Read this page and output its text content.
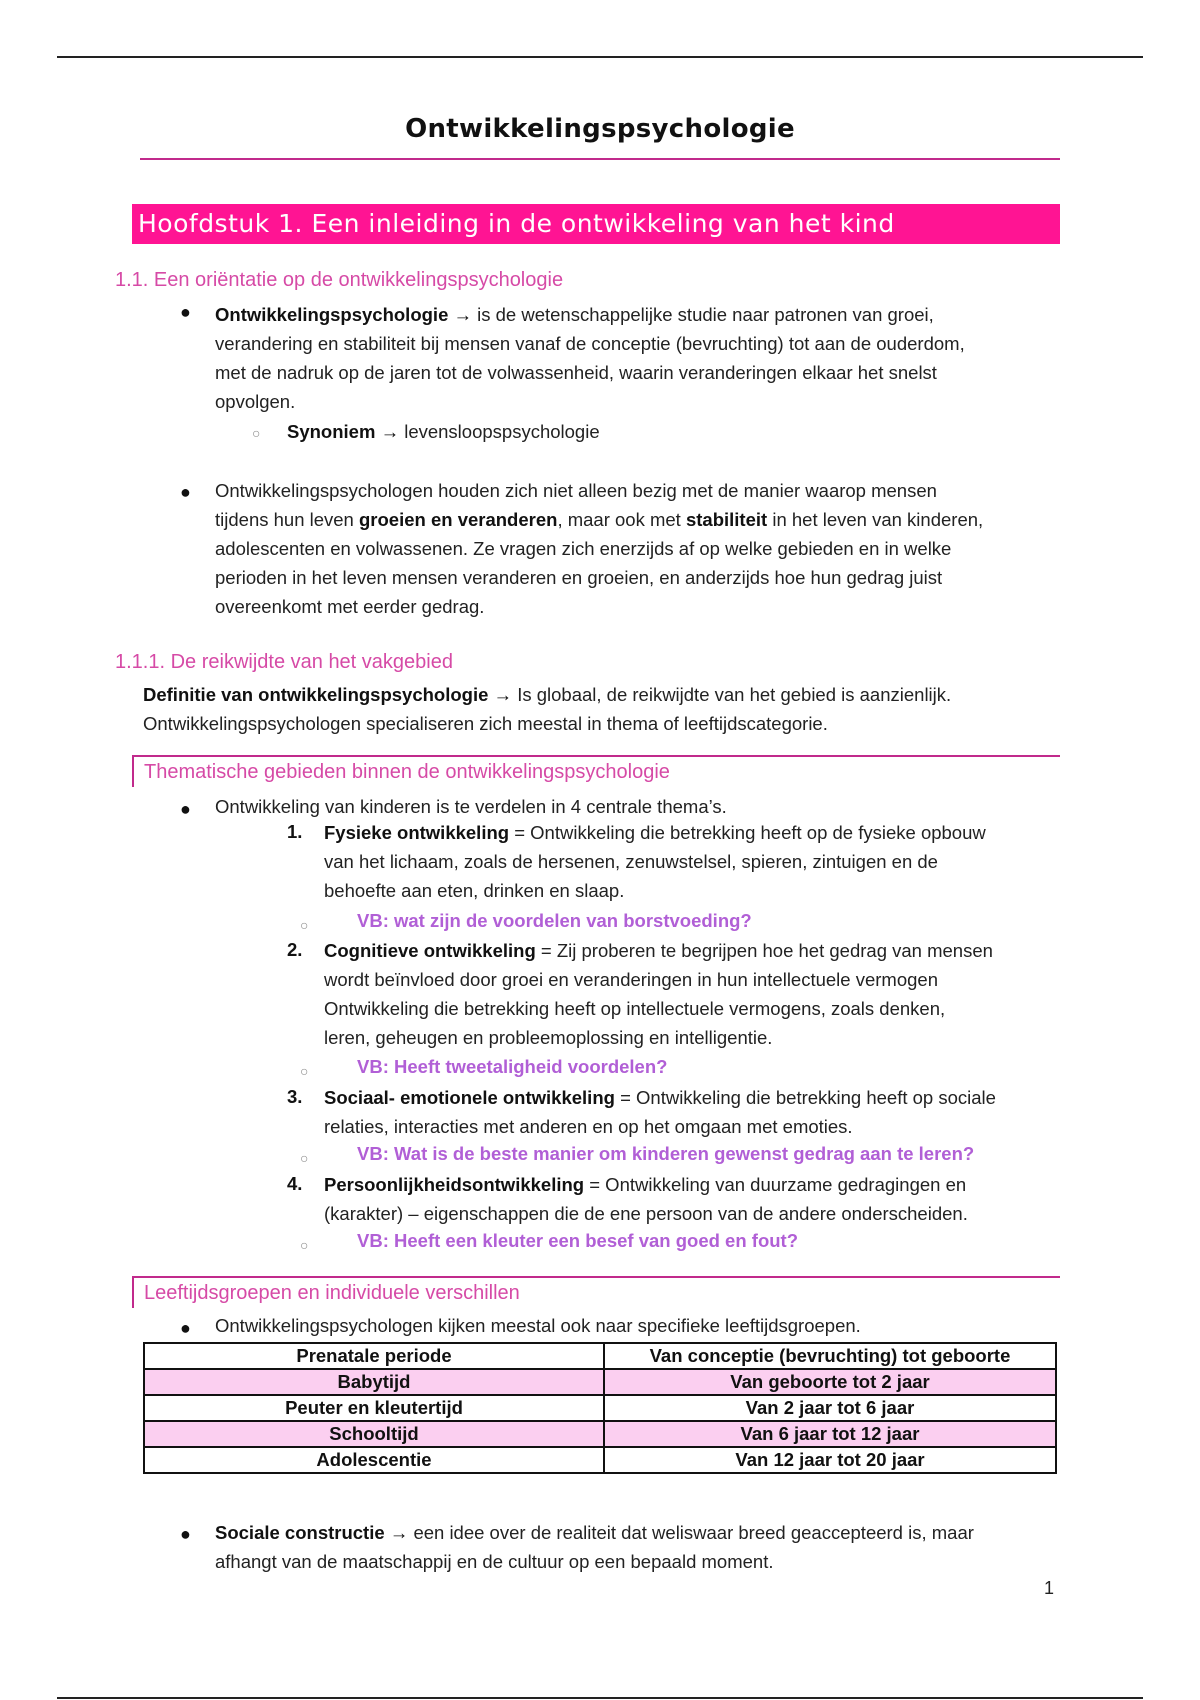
Ontwikkelingspsychologie
Hoofdstuk 1. Een inleiding in de ontwikkeling van het kind
1.1. Een oriëntatie op de ontwikkelingspsychologie
● Ontwikkelingspsychologie → is de wetenschappelijke studie naar patronen van groei,
verandering en stabiliteit bij mensen vanaf de conceptie (bevruchting) tot aan de ouderdom,
met de nadruk op de jaren tot de volwassenheid, waarin veranderingen elkaar het snelst
opvolgen.
○ Synoniem → levensloopspsychologie
● Ontwikkelingspsychologen houden zich niet alleen bezig met de manier waarop mensen
tijdens hun leven groeien en veranderen, maar ook met stabiliteit in het leven van kinderen,
adolescenten en volwassenen. Ze vragen zich enerzijds af op welke gebieden en in welke
perioden in het leven mensen veranderen en groeien, en anderzijds hoe hun gedrag juist
overeenkomt met eerder gedrag.
1.1.1. De reikwijdte van het vakgebied
Definitie van ontwikkelingspsychologie → Is globaal, de reikwijdte van het gebied is aanzienlijk.
Ontwikkelingspsychologen specialiseren zich meestal in thema of leeftijdscategorie.
Thematische gebieden binnen de ontwikkelingspsychologie
● Ontwikkeling van kinderen is te verdelen in 4 centrale thema’s.
1. Fysieke ontwikkeling = Ontwikkeling die betrekking heeft op de fysieke opbouw
van het lichaam, zoals de hersenen, zenuwstelsel, spieren, zintuigen en de
behoefte aan eten, drinken en slaap.
○	VB: wat zijn de voordelen van borstvoeding?
2. Cognitieve ontwikkeling = Zij proberen te begrijpen hoe het gedrag van mensen
wordt beïnvloed door groei en veranderingen in hun intellectuele vermogen
Ontwikkeling die betrekking heeft op intellectuele vermogens, zoals denken,
leren, geheugen en probleemoplossing en intelligentie.
○	VB: Heeft tweetaligheid voordelen?
3. Sociaal- emotionele ontwikkeling = Ontwikkeling die betrekking heeft op sociale
relaties, interacties met anderen en op het omgaan met emoties.
○	VB: Wat is de beste manier om kinderen gewenst gedrag aan te leren?
4. Persoonlijkheidsontwikkeling = Ontwikkeling van duurzame gedragingen en
(karakter) – eigenschappen die de ene persoon van de andere onderscheiden.
○	VB: Heeft een kleuter een besef van goed en fout?
Leeftijdsgroepen en individuele verschillen
● Ontwikkelingspsychologen kijken meestal ook naar specifieke leeftijdsgroepen.
Prenatale periode	Van conceptie (bevruchting) tot geboorte
Babytijd	Van geboorte tot 2 jaar
Peuter en kleutertijd	Van 2 jaar tot 6 jaar
Schooltijd	Van 6 jaar tot 12 jaar
Adolescentie	Van 12 jaar tot 20 jaar
● Sociale constructie → een idee over de realiteit dat weliswaar breed geaccepteerd is, maar
afhangt van de maatschappij en de cultuur op een bepaald moment.
1
